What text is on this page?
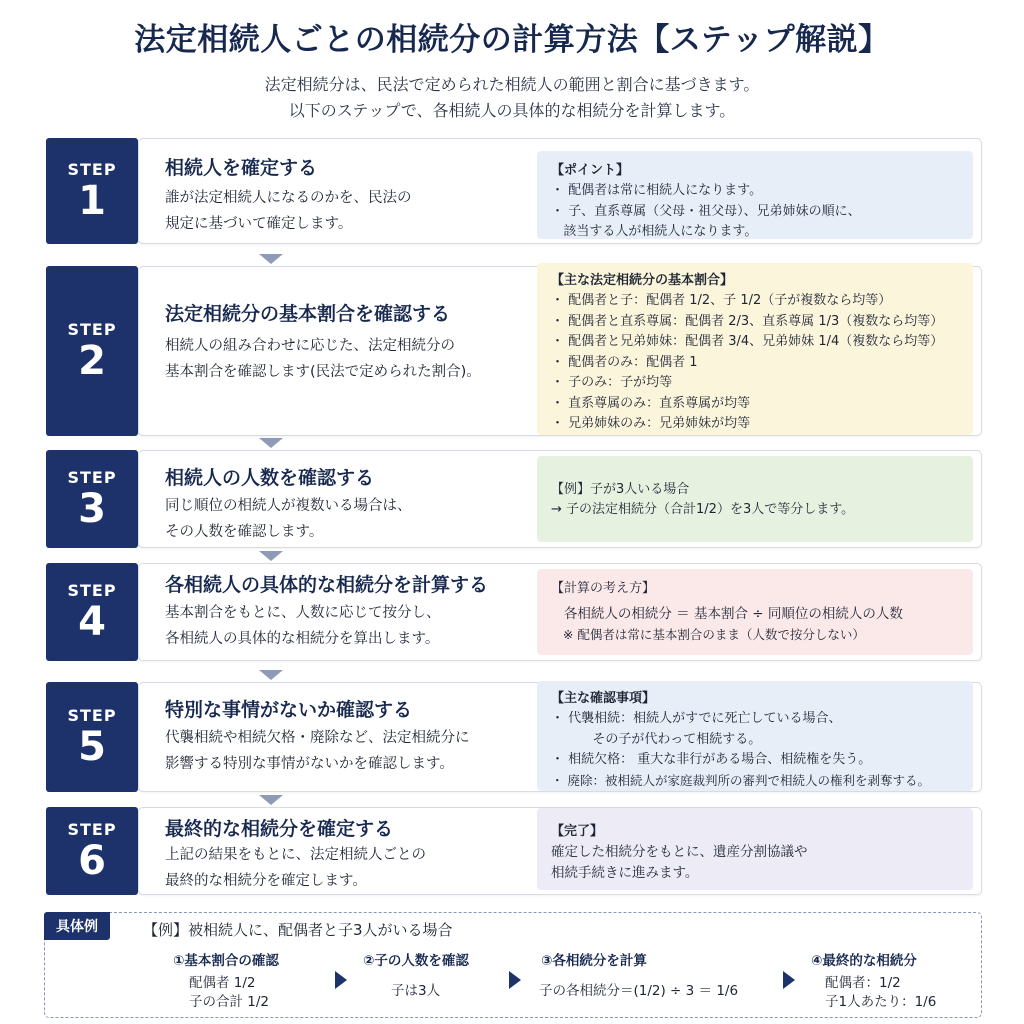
法定相続人ごとの相続分の計算方法【ステップ解説】
法定相続分は、民法で定められた相続人の範囲と割合に基づきます。
以下のステップで、各相続人の具体的な相続分を計算します。
STEP
1
相続人を確定する
誰が法定相続人になるのかを、民法の
規定に基づいて確定します。
【ポイント】
・ 配偶者は常に相続人になります。
・ 子、直系尊属（父母・祖父母）、兄弟姉妹の順に、
該当する人が相続人になります。
STEP
2
法定相続分の基本割合を確認する
相続人の組み合わせに応じた、法定相続分の
基本割合を確認します(民法で定められた割合)。
【主な法定相続分の基本割合】
・ 配偶者と子：配偶者 1/2、子 1/2（子が複数なら均等）
・ 配偶者と直系尊属：配偶者 2/3、直系尊属 1/3（複数なら均等）
・ 配偶者と兄弟姉妹：配偶者 3/4、兄弟姉妹 1/4（複数なら均等）
・ 配偶者のみ：配偶者 1
・ 子のみ：子が均等
・ 直系尊属のみ：直系尊属が均等
・ 兄弟姉妹のみ：兄弟姉妹が均等
STEP
3
相続人の人数を確認する
同じ順位の相続人が複数いる場合は、
その人数を確認します。
【例】子が3人いる場合
→ 子の法定相続分（合計1/2）を3人で等分します。
STEP
4
各相続人の具体的な相続分を計算する
基本割合をもとに、人数に応じて按分し、
各相続人の具体的な相続分を算出します。
【計算の考え方】
各相続人の相続分 ＝ 基本割合 ÷ 同順位の相続人の人数
※ 配偶者は常に基本割合のまま（人数で按分しない）
STEP
5
特別な事情がないか確認する
代襲相続や相続欠格・廃除など、法定相続分に
影響する特別な事情がないかを確認します。
【主な確認事項】
・ 代襲相続：相続人がすでに死亡している場合、
その子が代わって相続する。
・ 相続欠格： 重大な非行がある場合、相続権を失う。
・ 廃除：被相続人が家庭裁判所の審判で相続人の権利を剥奪する。
STEP
6
最終的な相続分を確定する
上記の結果をもとに、法定相続人ごとの
最終的な相続分を確定します。
【完了】
確定した相続分をもとに、遺産分割協議や
相続手続きに進みます。
具体例	【例】被相続人に、配偶者と子3人がいる場合
①基本割合の確認
配偶者 1/2
子の合計 1/2
②子の人数を確認
子は3人
③各相続分を計算
子の各相続分＝(1/2) ÷ 3 ＝ 1/6
④最終的な相続分
配偶者：1/2
子1人あたり：1/6
